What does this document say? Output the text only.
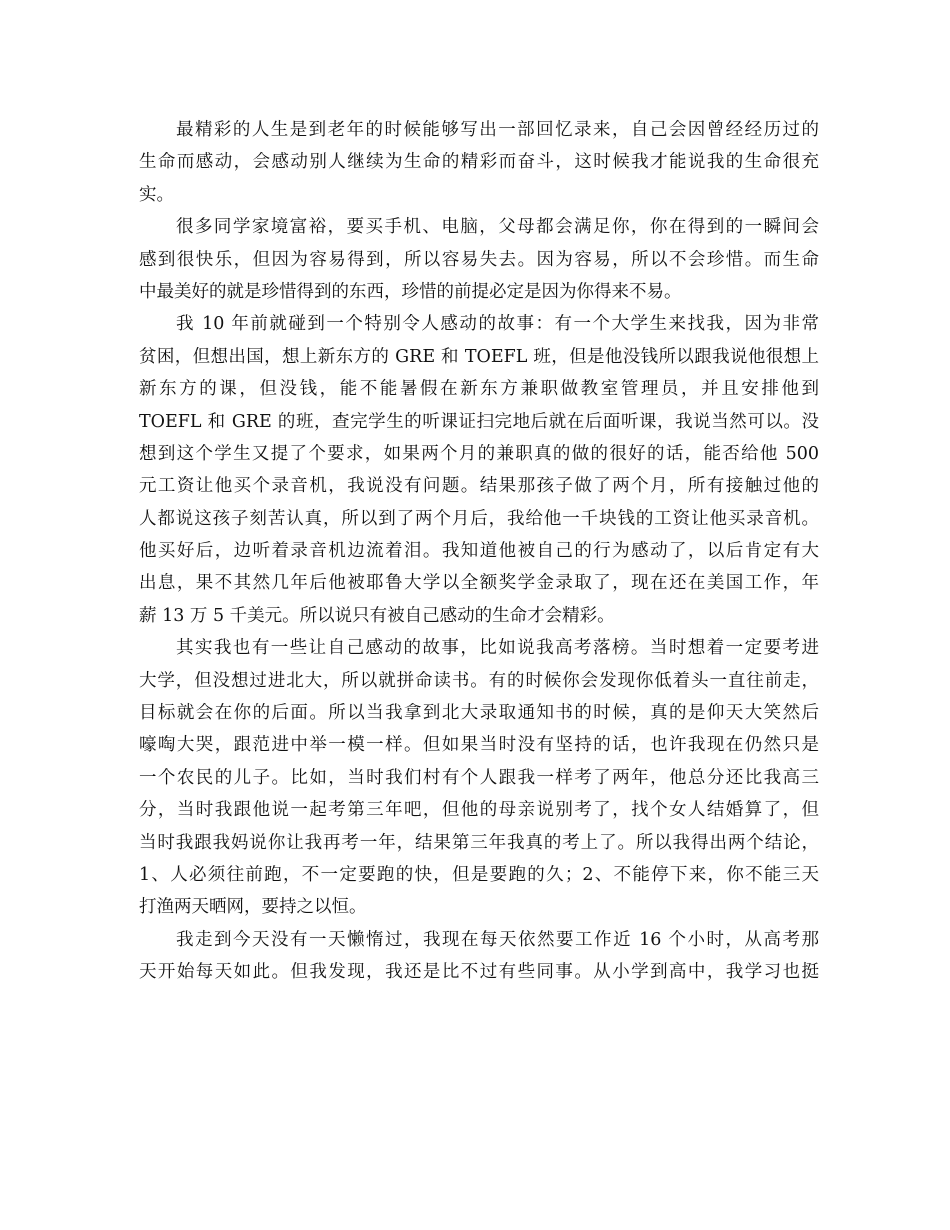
最精彩的人生是到老年的时候能够写出一部回忆录来，自己会因曾经经历过的
生命而感动，会感动别人继续为生命的精彩而奋斗，这时候我才能说我的生命很充
实。
很多同学家境富裕，要买手机、电脑，父母都会满足你，你在得到的一瞬间会
感到很快乐，但因为容易得到，所以容易失去。因为容易，所以不会珍惜。而生命
中最美好的就是珍惜得到的东西，珍惜的前提必定是因为你得来不易。
我 10 年前就碰到一个特别令人感动的故事：有一个大学生来找我，因为非常
贫困，但想出国，想上新东方的 GRE 和 TOEFL 班，但是他没钱所以跟我说他很想上
新东方的课，但没钱，能不能暑假在新东方兼职做教室管理员，并且安排他到
TOEFL 和 GRE 的班，查完学生的听课证扫完地后就在后面听课，我说当然可以。没
想到这个学生又提了个要求，如果两个月的兼职真的做的很好的话，能否给他 500
元工资让他买个录音机，我说没有问题。结果那孩子做了两个月，所有接触过他的
人都说这孩子刻苦认真，所以到了两个月后，我给他一千块钱的工资让他买录音机。
他买好后，边听着录音机边流着泪。我知道他被自己的行为感动了，以后肯定有大
出息，果不其然几年后他被耶鲁大学以全额奖学金录取了，现在还在美国工作，年
薪 13 万 5 千美元。所以说只有被自己感动的生命才会精彩。
其实我也有一些让自己感动的故事，比如说我高考落榜。当时想着一定要考进
大学，但没想过进北大，所以就拼命读书。有的时候你会发现你低着头一直往前走，
目标就会在你的后面。所以当我拿到北大录取通知书的时候，真的是仰天大笑然后
嚎啕大哭，跟范进中举一模一样。但如果当时没有坚持的话，也许我现在仍然只是
一个农民的儿子。比如，当时我们村有个人跟我一样考了两年，他总分还比我高三
分，当时我跟他说一起考第三年吧，但他的母亲说别考了，找个女人结婚算了，但
当时我跟我妈说你让我再考一年，结果第三年我真的考上了。所以我得出两个结论，
1、人必须往前跑，不一定要跑的快，但是要跑的久；2、不能停下来，你不能三天
打渔两天晒网，要持之以恒。
我走到今天没有一天懒惰过，我现在每天依然要工作近 16 个小时，从高考那
天开始每天如此。但我发现，我还是比不过有些同事。从小学到高中，我学习也挺
